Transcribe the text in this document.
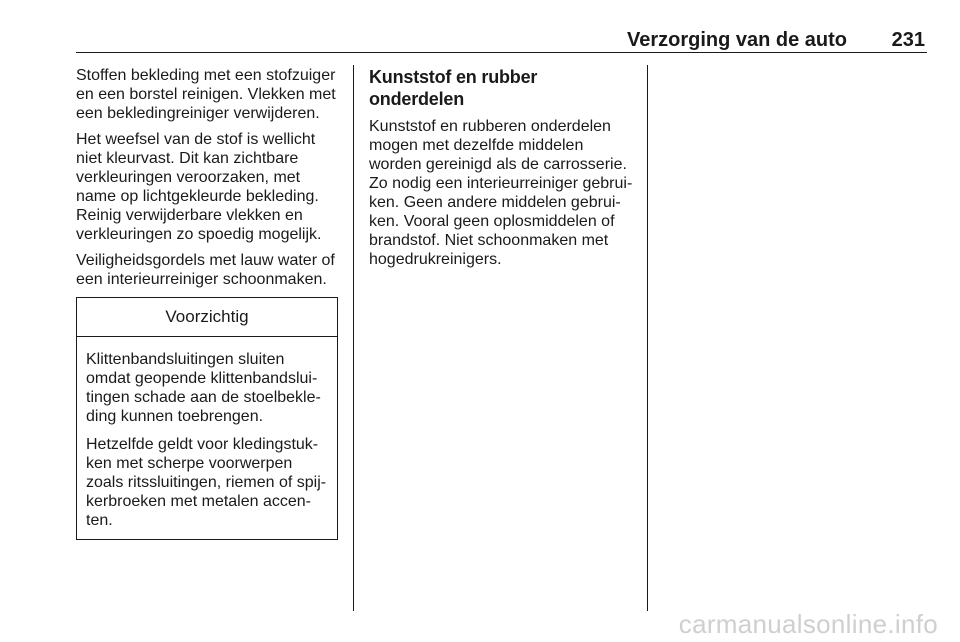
Verzorging van de auto 231

Stoffen bekleding met een stofzuiger en een borstel reinigen. Vlekken met een bekledingreiniger verwijderen.

Het weefsel van de stof is wellicht niet kleurvast. Dit kan zichtbare verkleuringen veroorzaken, met name op lichtgekleurde bekleding. Reinig verwijderbare vlekken en verkleuringen zo spoedig mogelijk.

Veiligheidsgordels met lauw water of een interieurreiniger schoonmaken.

Voorzichtig

Klittenbandsluitingen sluiten omdat geopende klittenbandsluitingen schade aan de stoelbekleding kunnen toebrengen.

Hetzelfde geldt voor kledingstukken met scherpe voorwerpen zoals ritssluitingen, riemen of spijkerbroeken met metalen accenten.

Kunststof en rubber onderdelen

Kunststof en rubberen onderdelen mogen met dezelfde middelen worden gereinigd als de carrosserie. Zo nodig een interieurreiniger gebruiken. Geen andere middelen gebruiken. Vooral geen oplosmiddelen of brandstof. Niet schoonmaken met hogedrukreinigers.

carmanualsonline.info
